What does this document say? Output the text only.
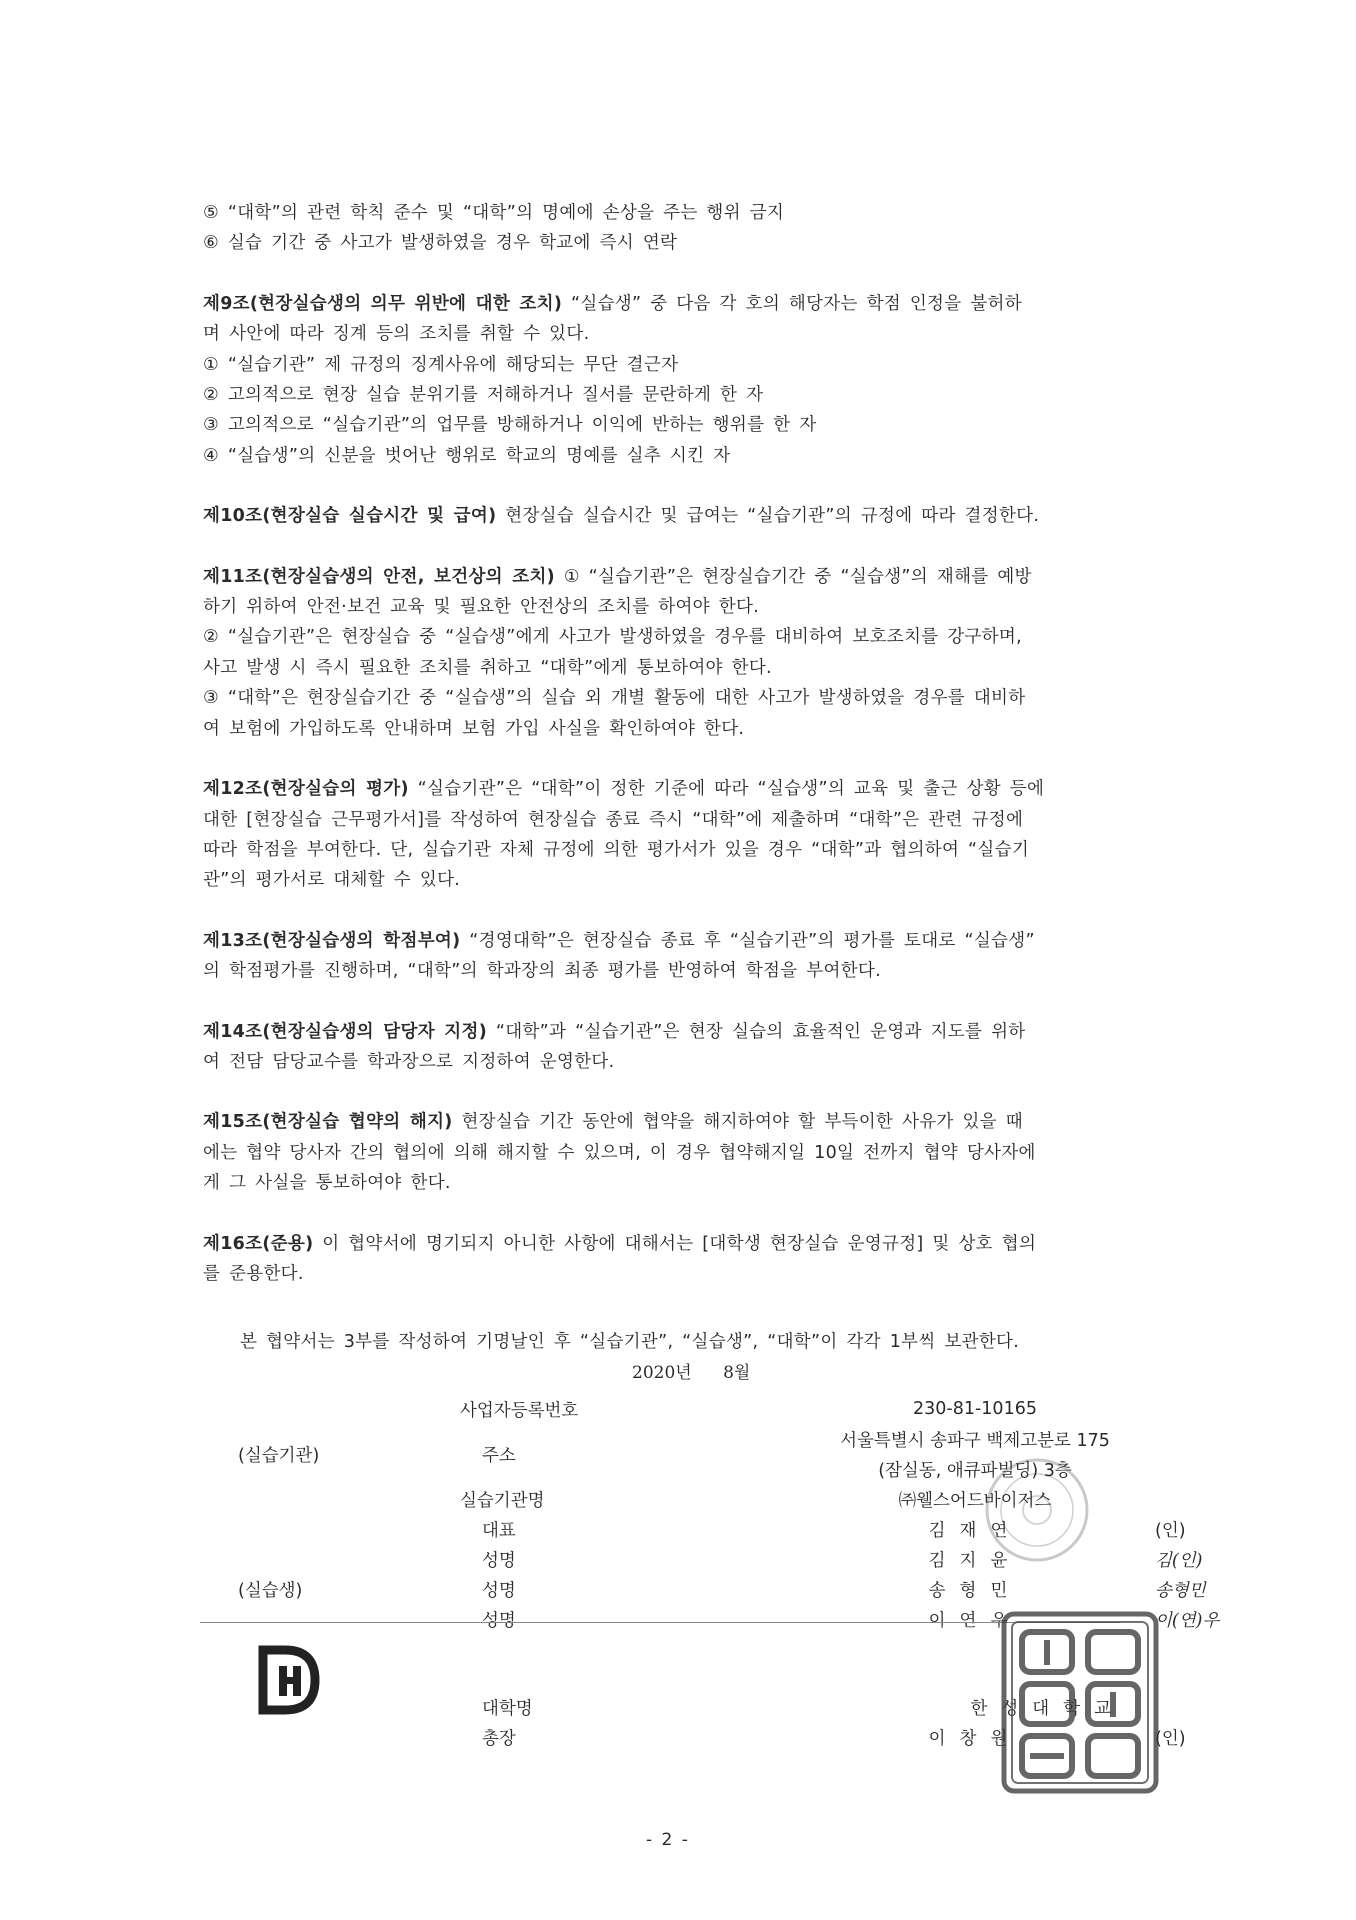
⑤ “대학”의 관련 학칙 준수 및 “대학”의 명예에 손상을 주는 행위 금지

⑥ 실습 기간 중 사고가 발생하였을 경우 학교에 즉시 연락

제9조(현장실습생의 의무 위반에 대한 조치) “실습생” 중 다음 각 호의 해당자는 학점 인정을 불허하

며 사안에 따라 징계 등의 조치를 취할 수 있다.

① “실습기관” 제 규정의 징계사유에 해당되는 무단 결근자

② 고의적으로 현장 실습 분위기를 저해하거나 질서를 문란하게 한 자

③ 고의적으로 “실습기관”의 업무를 방해하거나 이익에 반하는 행위를 한 자

④ “실습생”의 신분을 벗어난 행위로 학교의 명예를 실추 시킨 자

제10조(현장실습 실습시간 및 급여) 현장실습 실습시간 및 급여는 “실습기관”의 규정에 따라 결정한다.

제11조(현장실습생의 안전, 보건상의 조치) ① “실습기관”은 현장실습기간 중 “실습생”의 재해를 예방

하기 위하여 안전·보건 교육 및 필요한 안전상의 조치를 하여야 한다.

② “실습기관”은 현장실습 중 “실습생”에게 사고가 발생하였을 경우를 대비하여 보호조치를 강구하며,

사고 발생 시 즉시 필요한 조치를 취하고 “대학”에게 통보하여야 한다.

③ “대학”은 현장실습기간 중 “실습생”의 실습 외 개별 활동에 대한 사고가 발생하였을 경우를 대비하

여 보험에 가입하도록 안내하며 보험 가입 사실을 확인하여야 한다.

제12조(현장실습의 평가) “실습기관”은 “대학”이 정한 기준에 따라 “실습생”의 교육 및 출근 상황 등에

대한 [현장실습 근무평가서]를 작성하여 현장실습 종료 즉시 “대학”에 제출하며 “대학”은 관련 규정에

따라 학점을 부여한다. 단, 실습기관 자체 규정에 의한 평가서가 있을 경우 “대학”과 협의하여 “실습기

관”의 평가서로 대체할 수 있다.

제13조(현장실습생의 학점부여) “경영대학”은 현장실습 종료 후 “실습기관”의 평가를 토대로 “실습생”

의 학점평가를 진행하며, “대학”의 학과장의 최종 평가를 반영하여 학점을 부여한다.

제14조(현장실습생의 담당자 지정) “대학”과 “실습기관”은 현장 실습의 효율적인 운영과 지도를 위하

여 전담 담당교수를 학과장으로 지정하여 운영한다.

제15조(현장실습 협약의 해지) 현장실습 기간 동안에 협약을 해지하여야 할 부득이한 사유가 있을 때

에는 협약 당사자 간의 협의에 의해 해지할 수 있으며, 이 경우 협약해지일 10일 전까지 협약 당사자에

게 그 사실을 통보하여야 한다.

제16조(준용) 이 협약서에 명기되지 아니한 사항에 대해서는 [대학생 현장실습 운영규정] 및 상호 협의

를 준용한다.

본 협약서는 3부를 작성하여 기명날인 후 “실습기관”, “실습생”, “대학”이 각각 1부씩 보관한다.
2020년 8월
	사업자등록번호		230-81-10165	
	주소		서울특별시 송파구 백제고분로 175	
(실습기관)			(잠실동, 애큐파빌딩) 3층	
	실습기관명		㈜웰스어드바이저스	
	대표		김재연	(인)
	성명		김지윤	김(인)
(실습생)	성명		송형민	송형민
	성명		이연우	이(연)우

	대학명		한성대학교	
	총장		이창원	(인)
- 2 -
